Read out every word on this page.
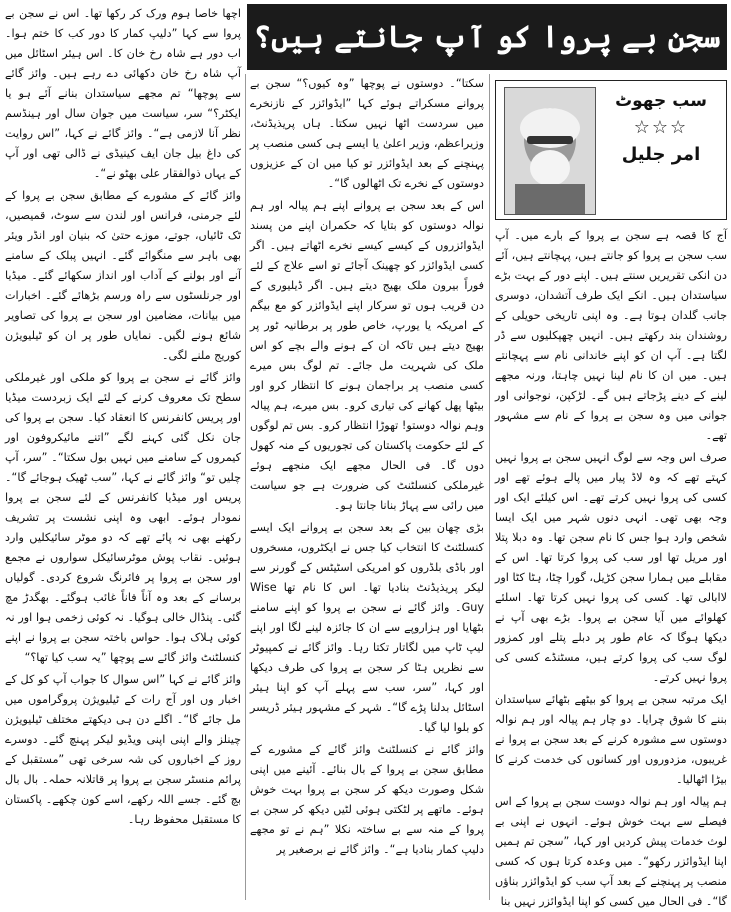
سجن بے پروا کو آپ جانتے ہیں؟
سب جھوٹ
☆☆☆
امر جلیل

آج کا قصہ ہے سجن بے پروا کے بارے میں۔ آپ سب سجن بے پروا کو جانتے ہیں، پہچانتے ہیں، آئے دن انکی تقریریں سنتے ہیں۔ اپنے دور کے بہت بڑے سیاستدان ہیں۔ انکے ایک طرف آتشدان، دوسری جانب گلدان ہوتا ہے۔ وہ اپنی تاریخی حویلی کے روشندان بند رکھتے ہیں۔ انہیں چھپکلیوں سے ڈر لگتا ہے۔ آپ ان کو اپنے خاندانی نام سے پہچانتے ہیں۔ میں ان کا نام لینا نہیں چاہتا، ورنہ مجھے لینے کے دینے پڑجاتے ہیں گے۔ لڑکپن، نوجوانی اور جوانی میں وہ سجن بے پروا کے نام سے مشہور تھے۔

صرف اس وجہ سے لوگ انہیں سجن بے پروا نہیں کہتے تھے کہ وہ لاڈ پیار میں پالے ہوئے تھے اور کسی کی پروا نہیں کرتے تھے۔ اس کیلئے ایک اور وجہ بھی تھی۔ انہی دنوں شہر میں ایک ایسا شخص وارد ہوا جس کا نام سجن تھا۔ وہ دبلا پتلا اور مریل تھا اور سب کی پروا کرتا تھا۔ اس کے مقابلے میں ہمارا سجن کڑیل، گورا چٹا، ہٹا کٹا اور لاابالی تھا۔ کسی کی پروا نہیں کرتا تھا۔ اسلئے کھلوائے میں آیا سجن بے پروا۔ بڑے بھی آپ نے دیکھا ہوگا کہ عام طور پر دبلے پتلے اور کمزور لوگ سب کی پروا کرتے ہیں، مسٹنڈے کسی کی پروا نہیں کرتے۔

ایک مرتبہ سجن بے پروا کو بیٹھے بٹھائے سیاستدان بننے کا شوق چرایا۔ دو چار ہم پیالہ اور ہم نوالہ دوستوں سے مشورہ کرنے کے بعد سجن بے پروا نے غریبوں، مزدوروں اور کسانوں کی خدمت کرنے کا بیڑا اٹھالیا۔

ہم پیالہ اور ہم نوالہ دوست سجن بے پروا کے اس فیصلے سے بہت خوش ہوئے۔ انہوں نے اپنی بے لوث خدمات پیش کردیں اور کہا، ”سجن تم ہمیں اپنا ایڈوائزر رکھو“۔ میں وعدہ کرتا ہوں کہ کسی منصب پر پہنچنے کے بعد آپ سب کو ایڈوائزر بناؤں گا“۔ فی الحال میں کسی کو اپنا ایڈوائزر نہیں بنا

سکتا“۔ دوستوں نے پوچھا ”وہ کیوں؟“ سجن بے پروانے مسکراتے ہوئے کہا ”ایڈوائزر کے نازنخرے میں سردست اٹھا نہیں سکتا۔ ہاں پریذیڈنٹ، وزیراعظم، وزیر اعلیٰ یا ایسے ہی کسی منصب پر پہنچنے کے بعد ایڈوائزر تو کیا میں ان کے عزیزوں دوستوں کے نخرے تک اٹھالوں گا“۔

اس کے بعد سجن بے پروانے اپنے ہم پیالہ اور ہم نوالہ دوستوں کو بتایا کہ حکمران اپنے من پسند ایڈوائزروں کے کیسے کیسے نخرے اٹھاتے ہیں۔ اگر کسی ایڈوائزر کو چھینک آجائے تو اسے علاج کے لئے فوراً بیرون ملک بھیج دیتے ہیں۔ اگر ڈیلیوری کے دن قریب ہوں تو سرکار اپنے ایڈوائزر کو مع بیگم کے امریکہ یا یورپ، خاص طور پر برطانیہ ٹور پر بھیج دیتے ہیں تاکہ ان کے ہونے والے بچے کو اس ملک کی شہریت مل جائے۔ تم لوگ بس میرے کسی منصب پر براجمان ہونے کا انتظار کرو اور بیٹھا پھل کھانے کی تیاری کرو۔ بس میرے، ہم پیالہ وہم نوالہ دوستو! تھوڑا انتظار کرو۔ بس تم لوگوں کے لئے حکومت پاکستان کی تجوریوں کے منہ کھول دوں گا۔ فی الحال مجھے ایک منجھے ہوئے غیرملکی کنسلٹنٹ کی ضرورت ہے جو سیاست میں رائی سے پہاڑ بنانا جانتا ہو۔

بڑی چھان بین کے بعد سجن بے پروانے ایک ایسے کنسلٹنٹ کا انتخاب کیا جس نے ایکٹروں، مسخروں اور باڈی بلڈروں کو امریکی اسٹیٹس کے گورنر سے لیکر پریذیڈنٹ بنادیا تھا۔ اس کا نام تھا Wise Guy۔ وائز گائے نے سجن بے پروا کو اپنے سامنے بٹھایا اور ہزاروپے سے ان کا جائزہ لینے لگا اور اپنے لیپ ٹاپ میں لگاتار تکتا رہا۔ وائز گائے نے کمپیوٹر سے نظریں ہٹا کر سجن بے پروا کی طرف دیکھا اور کہا، ”سر، سب سے پہلے آپ کو اپنا ہیئر اسٹائل بدلنا پڑے گا“۔ شہر کے مشہور ہیئر ڈریسر کو بلوا لیا گیا۔

وائز گائے نے کنسلٹنٹ وائز گائے کے مشورے کے مطابق سجن بے پروا کے بال بنائے۔ آئینے میں اپنی شکل وصورت دیکھ کر سجن بے پروا بہت خوش ہوئے۔ ماتھے پر لٹکتی ہوئی لٹیں دیکھ کر سجن بے پروا کے منہ سے بے ساختہ نکلا ”ہم نے تو مجھے دلیپ کمار بنادیا ہے“۔ وائز گائے نے برصغیر پر

اچھا خاصا ہوم ورک کر رکھا تھا۔ اس نے سجن بے پروا سے کہا ”دلیپ کمار کا دور کب کا ختم ہوا۔ اب دور ہے شاہ رخ خان کا۔ اس ہیئر اسٹائل میں آپ شاہ رخ خان دکھائی دے رہے ہیں۔ وائز گائے سے پوچھا“ تم مجھے سیاستدان بنانے آئے ہو یا ایکٹر؟“ سر، سیاست میں جوان سال اور ہینڈسم نظر آنا لازمی ہے“۔ وائز گائے نے کہا، ”اس روایت کی داغ بیل جان ایف کینیڈی نے ڈالی تھی اور آپ کے یہاں ذوالفقار علی بھٹو نے“۔

وائز گائے کے مشورے کے مطابق سجن بے پروا کے لئے جرمنی، فرانس اور لندن سے سوٹ، قمیصیں، ٹک ٹائیاں، جوتے، موزے حتیٰ کہ بنیان اور انڈر ویئر بھی باہر سے منگوائے گئے۔ انہیں پبلک کے سامنے آنے اور بولنے کے آداب اور انداز سکھائے گئے۔ میڈیا اور جرنلسٹوں سے راہ ورسم بڑھائے گئے۔ اخبارات میں بیانات، مضامین اور سجن بے پروا کی تصاویر شائع ہونے لگیں۔ نمایاں طور پر ان کو ٹیلیویژن کوریج ملنے لگی۔

وائز گائے نے سجن بے پروا کو ملکی اور غیرملکی سطح تک معروف کرنے کے لئے ایک زبردست میڈیا اور پریس کانفرنس کا انعقاد کیا۔ سجن بے پروا کی جان نکل گئی کہنے لگے ”اتنے مائیکروفون اور کیمروں کے سامنے میں نہیں بول سکتا“۔ ”سر، آپ چلیں تو“ وائز گائے نے کہا، ”سب ٹھیک ہوجائے گا“۔ پریس اور میڈیا کانفرنس کے لئے سجن بے پروا نمودار ہوئے۔ ابھی وہ اپنی نشست پر تشریف رکھنے بھی نہ پائے تھے کہ دو موٹر سائیکلیں وارد ہوئیں۔ نقاب پوش موٹرسائیکل سواروں نے مجمع اور سجن بے پروا پر فائرنگ شروع کردی۔ گولیاں برسانے کے بعد وہ آناً فاناً غائب ہوگئے۔ بھگدڑ مچ گئی۔ پنڈال خالی ہوگیا۔ نہ کوئی زخمی ہوا اور نہ کوئی ہلاک ہوا۔ حواس باختہ سجن بے پروا نے اپنے کنسلٹنٹ وائز گائے سے پوچھا ”یہ سب کیا تھا؟“

وائز گائے نے کہا ”اس سوال کا جواب آپ کو کل کے اخبار وں اور آج رات کے ٹیلیویژن پروگراموں میں مل جائے گا“۔ اگلے دن ہی دیکھتے مختلف ٹیلیویژن چینلز والے اپنی اپنی ویڈیو لیکر پہنچ گئے۔ دوسرے روز کے اخباروں کی شہ سرخی تھی ”مستقبل کے پرائم منسٹر سجن بے پروا پر قاتلانہ حملہ۔ بال بال بچ گئے۔ جسے اللہ رکھے، اسے کون چکھے۔ پاکستان کا مستقبل محفوظ رہا۔
